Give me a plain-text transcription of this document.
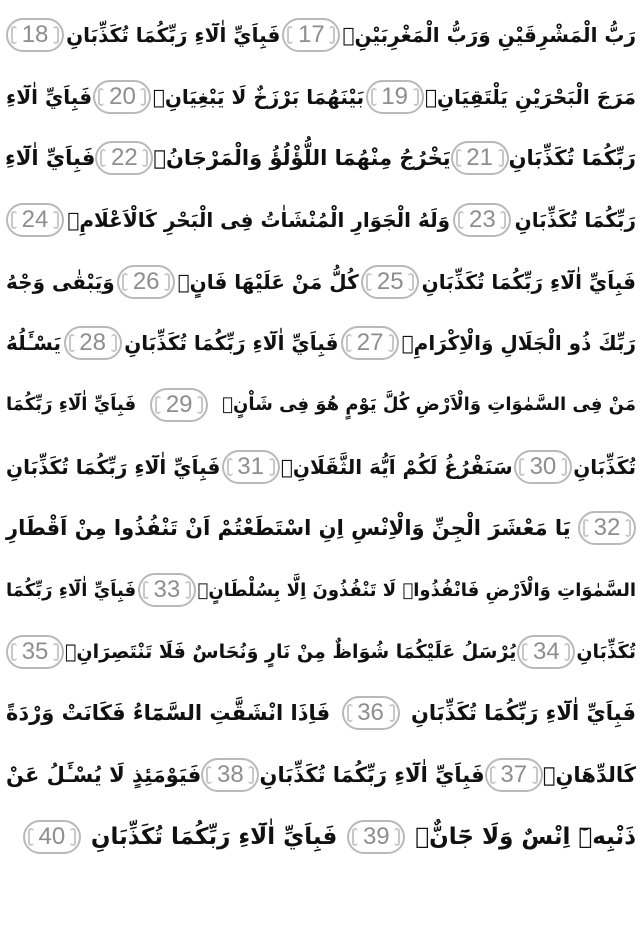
رَبُّ الْمَشْرِقَيْنِ وَرَبُّ الْمَغْرِبَيْنِۚ
17
فَبِاَيِّ اٰلَٓاءِ رَبِّكُمَا تُكَذِّبَانِ
18
مَرَجَ الْبَحْرَيْنِ يَلْتَقِيَانِۙ
19
بَيْنَهُمَا بَرْزَخٌ لَا يَبْغِيَانِۚ
20
فَبِاَيِّ اٰلَٓاءِ
رَبِّكُمَا تُكَذِّبَانِ
21
يَخْرُجُ مِنْهُمَا اللُّؤْلُؤُ وَالْمَرْجَانُۚ
22
فَبِاَيِّ اٰلَٓاءِ
رَبِّكُمَا تُكَذِّبَانِ
23
وَلَهُ الْجَوَارِ الْمُنْشَاٰتُ فِى الْبَحْرِ كَالْاَعْلَامِۚ
24
فَبِاَيِّ اٰلَٓاءِ رَبِّكُمَا تُكَذِّبَانِ
25
كُلُّ مَنْ عَلَيْهَا فَانٍۚ
26
وَيَبْقٰى وَجْهُ
رَبِّكَ ذُو الْجَلَالِ وَالْاِكْرَامِۚ
27
فَبِاَيِّ اٰلَٓاءِ رَبِّكُمَا تُكَذِّبَانِ
28
يَسْـَٔلُهُ
مَنْ فِى السَّمٰوَاتِ وَالْاَرْضِ كُلَّ يَوْمٍ هُوَ فِى شَاْنٍۚ
29
فَبِاَيِّ اٰلَٓاءِ رَبِّكُمَا
تُكَذِّبَانِ
30
سَنَفْرُغُ لَكُمْ اَيُّهَ الثَّقَلَانِۚ
31
فَبِاَيِّ اٰلَٓاءِ رَبِّكُمَا تُكَذِّبَانِ
32
يَا مَعْشَرَ الْجِنِّ وَالْاِنْسِ اِنِ اسْتَطَعْتُمْ اَنْ تَنْفُذُوا مِنْ اَقْطَارِ
السَّمٰوَاتِ وَالْاَرْضِ فَانْفُذُواۜ لَا تَنْفُذُونَ اِلَّا بِسُلْطَانٍۚ
33
فَبِاَيِّ اٰلَٓاءِ رَبِّكُمَا
تُكَذِّبَانِ
34
يُرْسَلُ عَلَيْكُمَا شُوَاظٌ مِنْ نَارٍ وَنُحَاسٌ فَلَا تَنْتَصِرَانِۚ
35
فَبِاَيِّ اٰلَٓاءِ رَبِّكُمَا تُكَذِّبَانِ
36
فَاِذَا انْشَقَّتِ السَّمَٓاءُ فَكَانَتْ وَرْدَةً
كَالدِّهَانِۚ
37
فَبِاَيِّ اٰلَٓاءِ رَبِّكُمَا تُكَذِّبَانِ
38
فَيَوْمَئِذٍ لَا يُسْـَٔلُ عَنْ
ذَنْبِه۪ٓ اِنْسٌ وَلَا جَٓانٌّۚ
39
فَبِاَيِّ اٰلَٓاءِ رَبِّكُمَا تُكَذِّبَانِ
40
